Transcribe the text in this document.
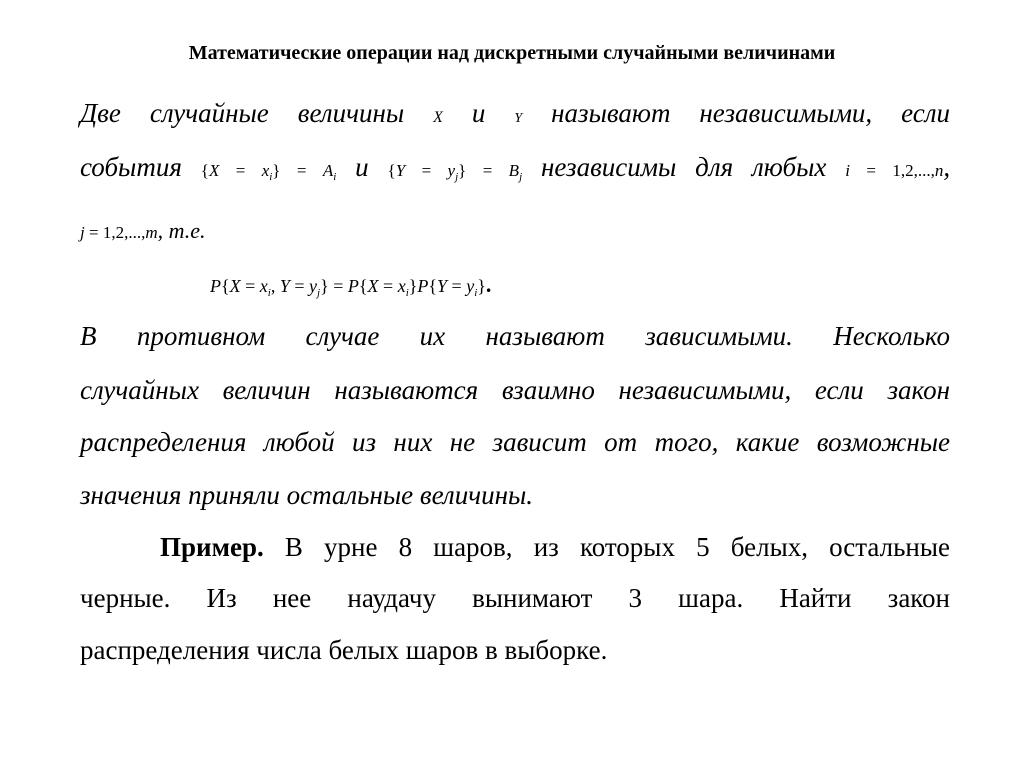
Математические операции над дискретными случайными величинами
Две случайные величины X и Y называют независимыми, если
события $\{X = x_i\} = A_i$ и $\{Y = y_j\} = B_j$ независимы для любых i = 1,2,...,n,
j = 1,2,...,m, т.е.
$P\{X = x_i$, $Y = y_j\} = P\{X = x_i\}P\{Y = y_i\}$.
В противном случае их называют зависимыми. Несколько
случайных величин называются взаимно независимыми, если закон
распределения любой из них не зависит от того, какие возможные
значения приняли остальные величины.
Пример. В урне 8 шаров, из которых 5 белых, остальные
черные. Из нее наудачу вынимают 3 шара. Найти закон
распределения числа белых шаров в выборке.
